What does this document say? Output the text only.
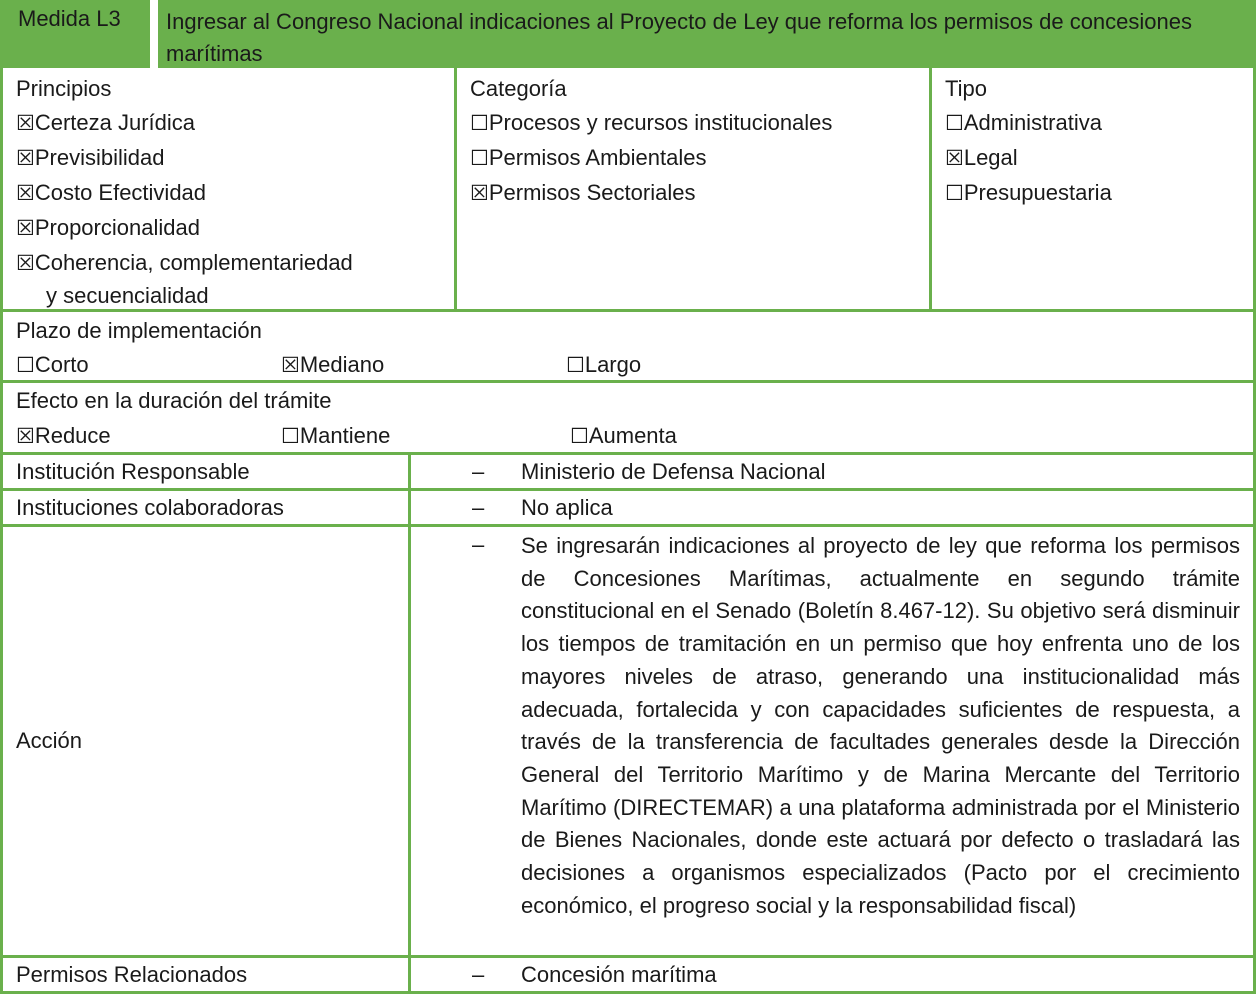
Medida L3 Ingresar al Congreso Nacional indicaciones al Proyecto de Ley que reforma los permisos de concesiones marítimas
Principios
☒Certeza Jurídica
☒Previsibilidad
☒Costo Efectividad
☒Proporcionalidad
☒Coherencia, complementariedad
y secuencialidad
Categoría
☐Procesos y recursos institucionales
☐Permisos Ambientales
☒Permisos Sectoriales
Tipo
☐Administrativa
☒Legal
☐Presupuestaria
Plazo de implementación
☐Corto	☒Mediano	☐Largo
Efecto en la duración del trámite
☒Reduce	☐Mantiene	☐Aumenta
Institución Responsable	– Ministerio de Defensa Nacional
Instituciones colaboradoras	– No aplica
Acción
– Se ingresarán indicaciones al proyecto de ley que reforma los permisos de Concesiones Marítimas, actualmente en segundo trámite constitucional en el Senado (Boletín 8.467-12). Su objetivo será disminuir los tiempos de tramitación en un permiso que hoy enfrenta uno de los mayores niveles de atraso, generando una institucionalidad más adecuada, fortalecida y con capacidades suficientes de respuesta, a través de la transferencia de facultades generales desde la Dirección General del Territorio Marítimo y de Marina Mercante del Territorio Marítimo (DIRECTEMAR) a una plataforma administrada por el Ministerio de Bienes Nacionales, donde este actuará por defecto o trasladará las decisiones a organismos especializados (Pacto por el crecimiento económico, el progreso social y la responsabilidad fiscal)
Permisos Relacionados	– Concesión marítima
